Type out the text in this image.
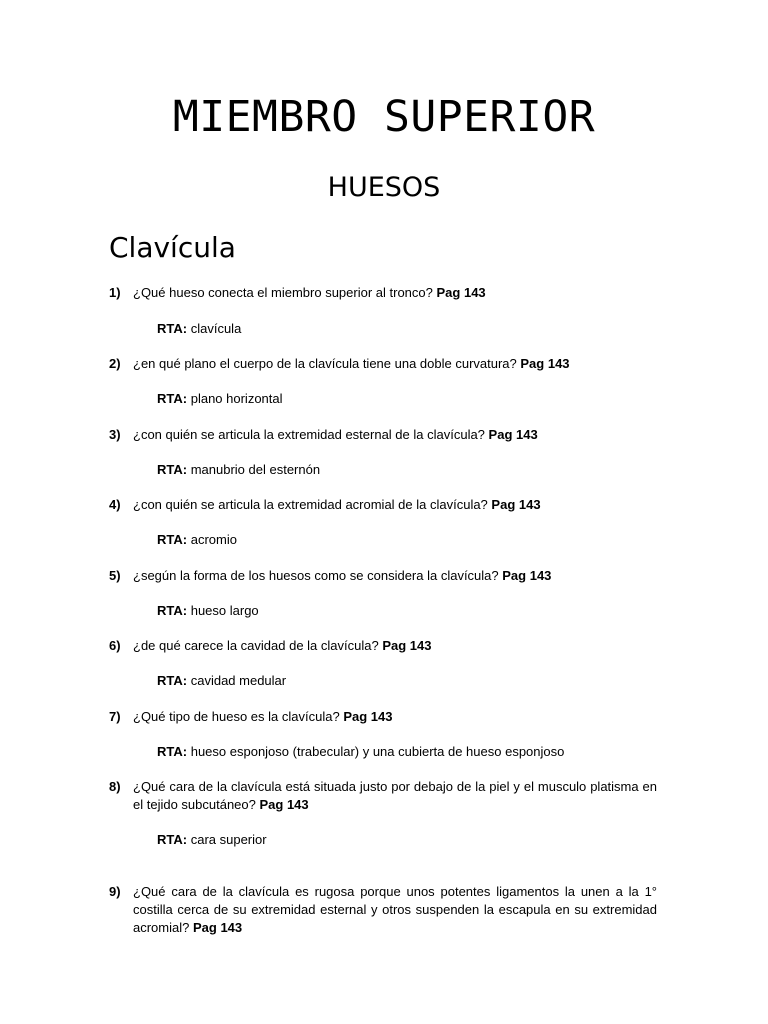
MIEMBRO SUPERIOR
HUESOS
Clavícula
1) ¿Qué hueso conecta el miembro superior al tronco? Pag 143
RTA: clavícula
2) ¿en qué plano el cuerpo de la clavícula tiene una doble curvatura? Pag 143
RTA: plano horizontal
3) ¿con quién se articula la extremidad esternal de la clavícula? Pag 143
RTA: manubrio del esternón
4) ¿con quién se articula la extremidad acromial de la clavícula? Pag 143
RTA: acromio
5) ¿según la forma de los huesos como se considera la clavícula? Pag 143
RTA: hueso largo
6) ¿de qué carece la cavidad de la clavícula? Pag 143
RTA: cavidad medular
7) ¿Qué tipo de hueso es la clavícula? Pag 143
RTA: hueso esponjoso (trabecular) y una cubierta de hueso esponjoso
8) ¿Qué cara de la clavícula está situada justo por debajo de la piel y el musculo platisma en el tejido subcutáneo? Pag 143
RTA: cara superior
9) ¿Qué cara de la clavícula es rugosa porque unos potentes ligamentos la unen a la 1° costilla cerca de su extremidad esternal y otros suspenden la escapula en su extremidad acromial? Pag 143
